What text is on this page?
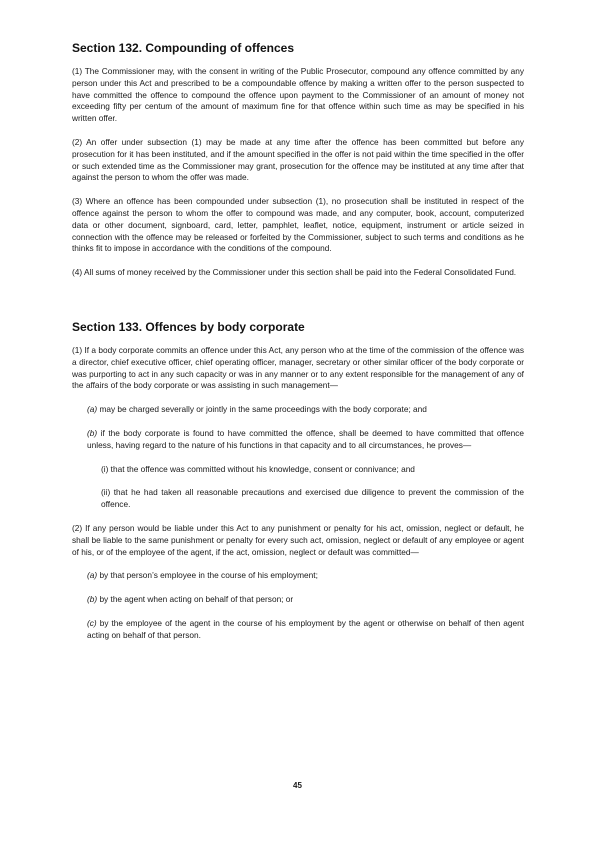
Section 132. Compounding of offences

(1) The Commissioner may, with the consent in writing of the Public Prosecutor, compound any offence committed by any person under this Act and prescribed to be a compoundable offence by making a written offer to the person suspected to have committed the offence to compound the offence upon payment to the Commissioner of an amount of money not exceeding fifty per centum of the amount of maximum fine for that offence within such time as may be specified in his written offer.

(2) An offer under subsection (1) may be made at any time after the offence has been committed but before any prosecution for it has been instituted, and if the amount specified in the offer is not paid within the time specified in the offer or such extended time as the Commissioner may grant, prosecution for the offence may be instituted at any time after that against the person to whom the offer was made.

(3) Where an offence has been compounded under subsection (1), no prosecution shall be instituted in respect of the offence against the person to whom the offer to compound was made, and any computer, book, account, computerized data or other document, signboard, card, letter, pamphlet, leaflet, notice, equipment, instrument or article seized in connection with the offence may be released or forfeited by the Commissioner, subject to such terms and conditions as he thinks fit to impose in accordance with the conditions of the compound.

(4) All sums of money received by the Commissioner under this section shall be paid into the Federal Consolidated Fund.

Section 133. Offences by body corporate

(1) If a body corporate commits an offence under this Act, any person who at the time of the commission of the offence was a director, chief executive officer, chief operating officer, manager, secretary or other similar officer of the body corporate or was purporting to act in any such capacity or was in any manner or to any extent responsible for the management of any of the affairs of the body corporate or was assisting in such management—

(a) may be charged severally or jointly in the same proceedings with the body corporate; and

(b) if the body corporate is found to have committed the offence, shall be deemed to have committed that offence unless, having regard to the nature of his functions in that capacity and to all circumstances, he proves—

(i) that the offence was committed without his knowledge, consent or connivance; and

(ii) that he had taken all reasonable precautions and exercised due diligence to prevent the commission of the offence.

(2) If any person would be liable under this Act to any punishment or penalty for his act, omission, neglect or default, he shall be liable to the same punishment or penalty for every such act, omission, neglect or default of any employee or agent of his, or of the employee of the agent, if the act, omission, neglect or default was committed—

(a) by that person’s employee in the course of his employment;

(b) by the agent when acting on behalf of that person; or

(c) by the employee of the agent in the course of his employment by the agent or otherwise on behalf of then agent acting on behalf of that person.

45
